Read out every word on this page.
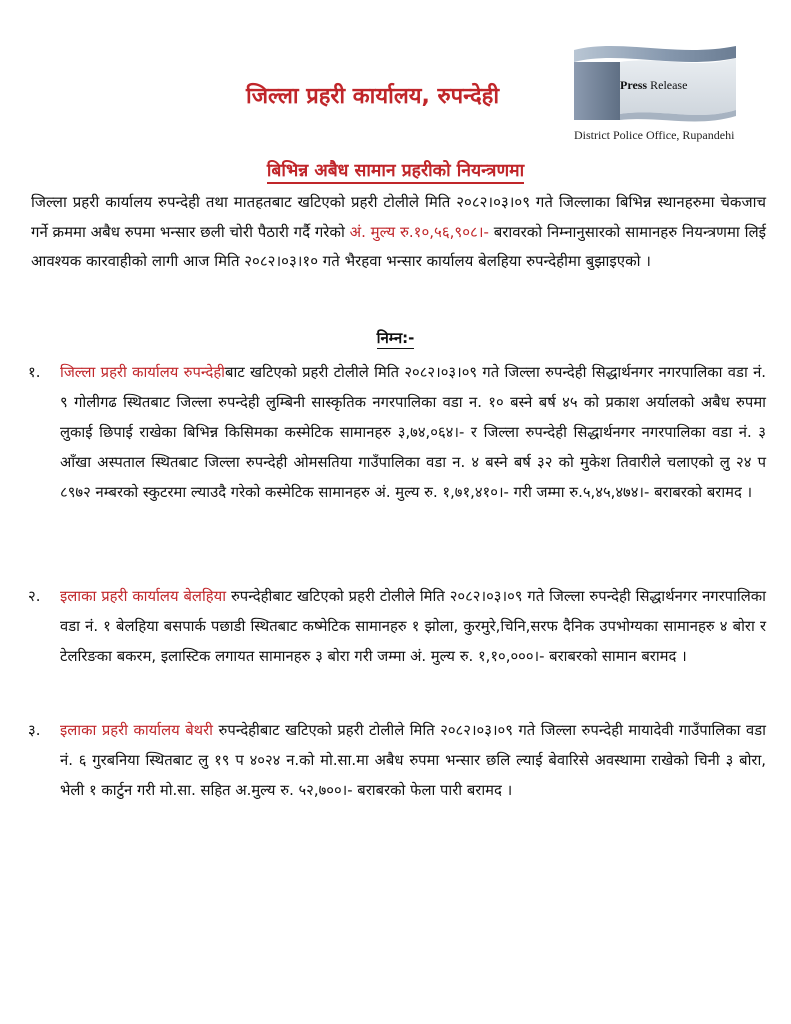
Press Release
जिल्ला प्रहरी कार्यालय, रुपन्देही
District Police Office, Rupandehi
बिभिन्न अबैध सामान प्रहरीको नियन्त्रणमा
जिल्ला प्रहरी कार्यालय रुपन्देही तथा मातहतबाट खटिएको प्रहरी टोलीले मिति २०८२।०३।०९ गते जिल्लाका बिभिन्न स्थानहरुमा चेकजाच गर्ने क्रममा अबैध रुपमा भन्सार छली चोरी पैठारी गर्दै गरेको अं. मुल्य रु.१०,५६,९०८।- बरावरको निम्नानुसारको सामानहरु नियन्त्रणमा लिई आवश्यक कारवाहीको लागी आज मिति २०८२।०३।१० गते भैरहवा भन्सार कार्यालय बेलहिया रुपन्देहीमा बुझाइएको ।
निम्न:-
१.	जिल्ला प्रहरी कार्यालय रुपन्देहीबाट खटिएको प्रहरी टोलीले मिति २०८२।०३।०९ गते जिल्ला रुपन्देही सिद्धार्थनगर नगरपालिका वडा नं. ९ गोलीगढ स्थितबाट जिल्ला रुपन्देही लुम्बिनी सास्कृतिक नगरपालिका वडा न. १० बस्ने बर्ष ४५ को प्रकाश अर्यालको अबैध रुपमा लुकाई छिपाई राखेका बिभिन्न किसिमका कस्मेटिक सामानहरु ३,७४,०६४।- र जिल्ला रुपन्देही सिद्धार्थनगर नगरपालिका वडा नं. ३ आँखा अस्पताल स्थितबाट जिल्ला रुपन्देही ओमसतिया गाउँपालिका वडा न. ४ बस्ने बर्ष ३२ को मुकेश तिवारीले चलाएको लु २४ प ८९७२ नम्बरको स्कुटरमा ल्याउदै गरेको कस्मेटिक सामानहरु अं. मुल्य रु. १,७१,४१०।- गरी जम्मा रु.५,४५,४७४।- बराबरको बरामद ।
२.	इलाका प्रहरी कार्यालय बेलहिया रुपन्देहीबाट खटिएको प्रहरी टोलीले मिति २०८२।०३।०९ गते जिल्ला रुपन्देही सिद्धार्थनगर नगरपालिका वडा नं. १ बेलहिया बसपार्क पछाडी स्थितबाट कष्मेटिक सामानहरु १ झोला, कुरमुरे,चिनि,सरफ दैनिक उपभोग्यका सामानहरु ४ बोरा र टेलरिङका बकरम, इलास्टिक लगायत सामानहरु ३ बोरा गरी जम्मा अं. मुल्य रु. १,१०,०००।- बराबरको सामान बरामद ।
३.	इलाका प्रहरी कार्यालय बेथरी रुपन्देहीबाट खटिएको प्रहरी टोलीले मिति २०८२।०३।०९ गते जिल्ला रुपन्देही मायादेवी गाउँपालिका वडा नं. ६ गुरबनिया स्थितबाट लु १९ प ४०२४ न.को मो.सा.मा अबैध रुपमा भन्सार छलि ल्याई बेवारिसे अवस्थामा राखेको चिनी ३ बोरा, भेली १ कार्टुन गरी मो.सा. सहित अ.मुल्य रु. ५२,७००।- बराबरको फेला पारी बरामद ।
